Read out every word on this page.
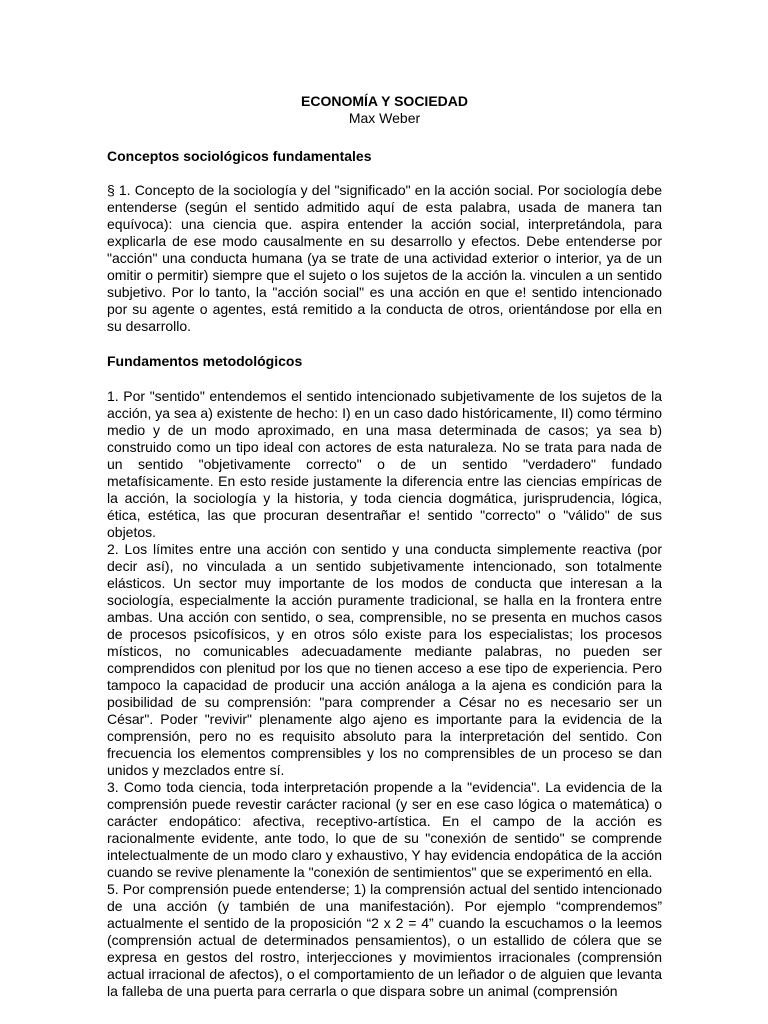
ECONOMÍA Y SOCIEDAD
Max Weber
Conceptos sociológicos fundamentales

§ 1. Concepto de la sociología y del "significado" en la acción social. Por sociología debe entenderse (según el sentido admitido aquí de esta palabra, usada de manera tan equívoca): una ciencia que. aspira entender la acción social, interpretándola, para explicarla de ese modo causalmente en su desarrollo y efectos. Debe entenderse por "acción" una conducta humana (ya se trate de una actividad exterior o interior, ya de un omitir o permitir) siempre que el sujeto o los sujetos de la acción la. vinculen a un sentido subjetivo. Por lo tanto, la "acción social" es una acción en que e! sentido intencionado por su agente o agentes, está remitido a la conducta de otros, orientándose por ella en su desarrollo.

Fundamentos metodológicos

1. Por "sentido" entendemos el sentido intencionado subjetivamente de los sujetos de la acción, ya sea a) existente de hecho: I) en un caso dado históricamente, II) como término medio y de un modo aproximado, en una masa determinada de casos; ya sea b) construido como un tipo ideal con actores de esta naturaleza. No se trata para nada de un sentido "objetivamente correcto" o de un sentido "verdadero" fundado metafísicamente. En esto reside justamente la diferencia entre las ciencias empíricas de la acción, la sociología y la historia, y toda ciencia dogmática, jurisprudencia, lógica, ética, estética, las que procuran desentrañar e! sentido "correcto" o "válido" de sus objetos.

2. Los límites entre una acción con sentido y una conducta simplemente reactiva (por decir así), no vinculada a un sentido subjetivamente intencionado, son totalmente elásticos. Un sector muy importante de los modos de conducta que interesan a la sociología, especialmente la acción puramente tradicional, se halla en la frontera entre ambas. Una acción con sentido, o sea, comprensible, no se presenta en muchos casos de procesos psicofísicos, y en otros sólo existe para los especialistas; los procesos místicos, no comunicables adecuadamente mediante palabras, no pueden ser comprendidos con plenitud por los que no tienen acceso a ese tipo de experiencia. Pero tampoco la capacidad de producir una acción análoga a la ajena es condición para la posibilidad de su comprensión: "para comprender a César no es necesario ser un César". Poder "revivir" plenamente algo ajeno es importante para la evidencia de la comprensión, pero no es requisito absoluto para la interpretación del sentido. Con frecuencia los elementos comprensibles y los no comprensibles de un proceso se dan unidos y mezclados entre sí.

3. Como toda ciencia, toda interpretación propende a la "evidencia". La evidencia de la comprensión puede revestir carácter racional (y ser en ese caso lógica o matemática) o carácter endopático: afectiva, receptivo-artística. En el campo de la acción es racionalmente evidente, ante todo, lo que de su "conexión de sentido" se comprende intelectualmente de un modo claro y exhaustivo, Y hay evidencia endopática de la acción cuando se revive plenamente la "conexión de sentimientos" que se experimentó en ella.

5. Por comprensión puede entenderse; 1) la comprensión actual del sentido intencionado de una acción (y también de una manifestación). Por ejemplo “comprendemos” actualmente el sentido de la proposición “2 x 2 = 4” cuando la escuchamos o la leemos (comprensión actual de determinados pensamientos), o un estallido de cólera que se expresa en gestos del rostro, interjecciones y movimientos irracionales (comprensión actual irracional de afectos), o el comportamiento de un leñador o de alguien que levanta la falleba de una puerta para cerrarla o que dispara sobre un animal (comprensión
